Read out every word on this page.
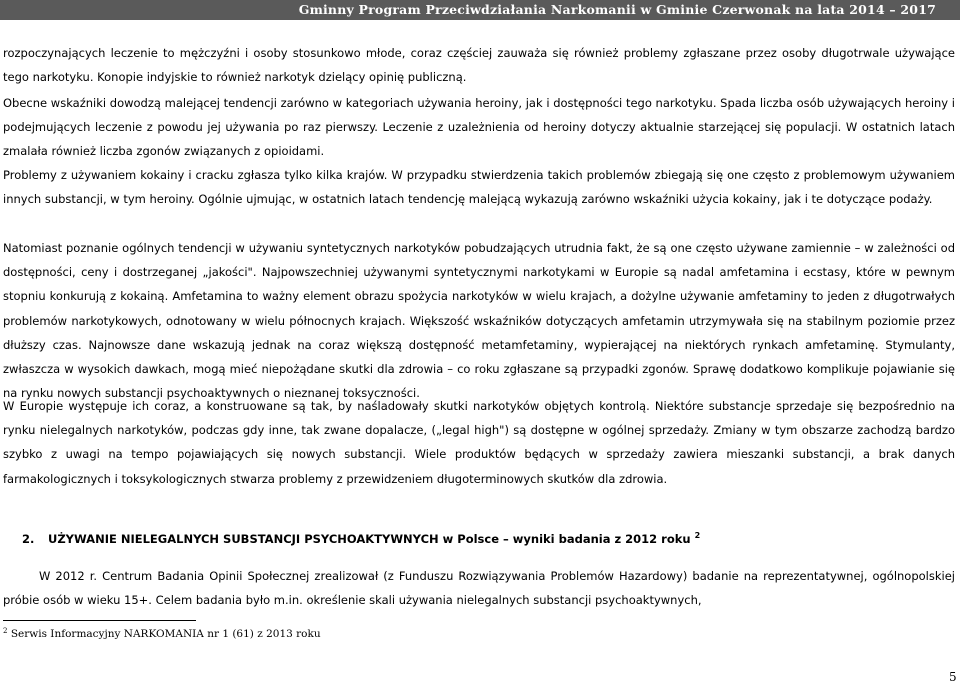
Gminny Program Przeciwdziałania Narkomanii w Gminie Czerwonak na lata 2014 – 2017

rozpoczynających leczenie to mężczyźni i osoby stosunkowo młode, coraz częściej zauważa się również problemy zgłaszane przez osoby długotrwale używające tego narkotyku. Konopie indyjskie to również narkotyk dzielący opinię publiczną.

Obecne wskaźniki dowodzą malejącej tendencji zarówno w kategoriach używania heroiny, jak i dostępności tego narkotyku. Spada liczba osób używających heroiny i podejmujących leczenie z powodu jej używania po raz pierwszy. Leczenie z uzależnienia od heroiny dotyczy aktualnie starzejącej się populacji. W ostatnich latach zmalała również liczba zgonów związanych z opioidami.

Problemy z używaniem kokainy i cracku zgłasza tylko kilka krajów. W przypadku stwierdzenia takich problemów zbiegają się one często z problemowym używaniem innych substancji, w tym heroiny. Ogólnie ujmując, w ostatnich latach tendencję malejącą wykazują zarówno wskaźniki użycia kokainy, jak i te dotyczące podaży.

Natomiast poznanie ogólnych tendencji w używaniu syntetycznych narkotyków pobudzających utrudnia fakt, że są one często używane zamiennie – w zależności od dostępności, ceny i dostrzeganej „jakości". Najpowszechniej używanymi syntetycznymi narkotykami w Europie są nadal amfetamina i ecstasy, które w pewnym stopniu konkurują z kokainą. Amfetamina to ważny element obrazu spożycia narkotyków w wielu krajach, a dożylne używanie amfetaminy to jeden z długotrwałych problemów narkotykowych, odnotowany w wielu północnych krajach. Większość wskaźników dotyczących amfetamin utrzymywała się na stabilnym poziomie przez dłuższy czas. Najnowsze dane wskazują jednak na coraz większą dostępność metamfetaminy, wypierającej na niektórych rynkach amfetaminę. Stymulanty, zwłaszcza w wysokich dawkach, mogą mieć niepożądane skutki dla zdrowia – co roku zgłaszane są przypadki zgonów. Sprawę dodatkowo komplikuje pojawianie się na rynku nowych substancji psychoaktywnych o nieznanej toksyczności.

W Europie występuje ich coraz, a konstruowane są tak, by naśladowały skutki narkotyków objętych kontrolą. Niektóre substancje sprzedaje się bezpośrednio na rynku nielegalnych narkotyków, podczas gdy inne, tak zwane dopalacze, („legal high") są dostępne w ogólnej sprzedaży. Zmiany w tym obszarze zachodzą bardzo szybko z uwagi na tempo pojawiających się nowych substancji. Wiele produktów będących w sprzedaży zawiera mieszanki substancji, a brak danych farmakologicznych i toksykologicznych stwarza problemy z przewidzeniem długoterminowych skutków dla zdrowia.

2. UŻYWANIE NIELEGALNYCH SUBSTANCJI PSYCHOAKTYWNYCH w Polsce – wyniki badania z 2012 roku $^2$

W 2012 r. Centrum Badania Opinii Społecznej zrealizował (z Funduszu Rozwiązywania Problemów Hazardowy) badanie na reprezentatywnej, ogólnopolskiej próbie osób w wieku 15+. Celem badania było m.in. określenie skali używania nielegalnych substancji psychoaktywnych,

$^2$ Serwis Informacyjny NARKOMANIA nr 1 (61) z 2013 roku
5
